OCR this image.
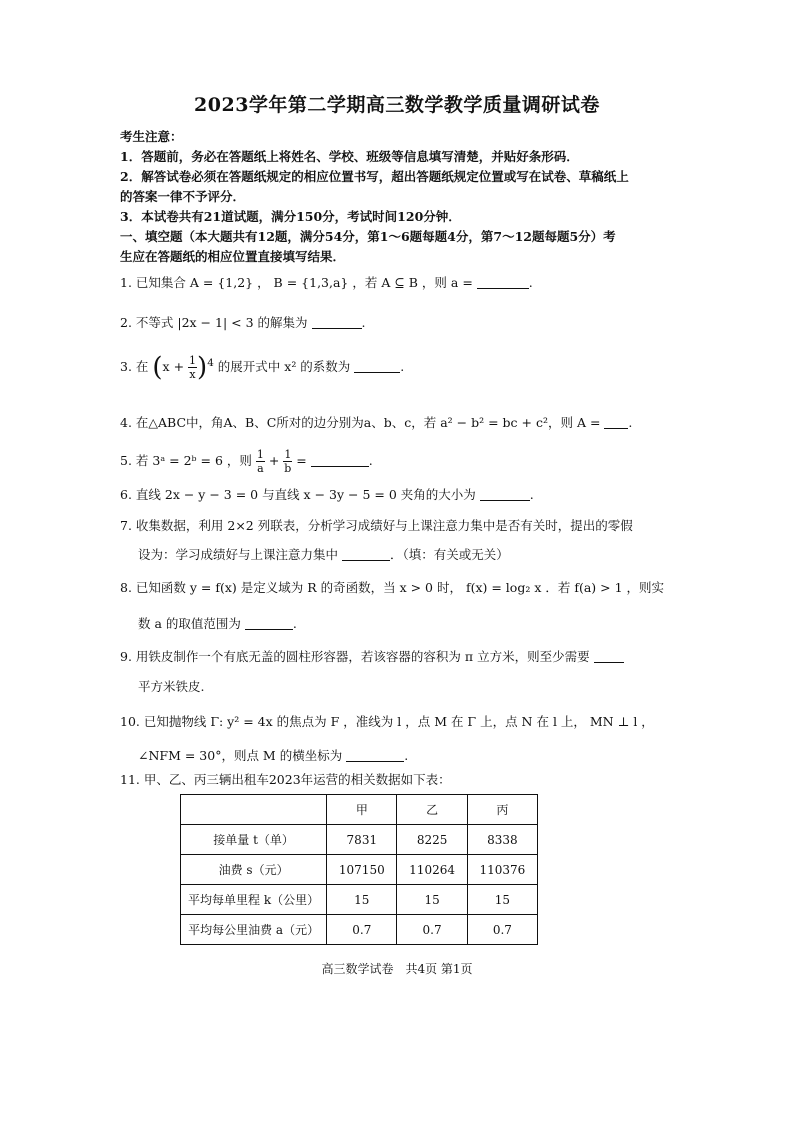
2023学年第二学期高三数学教学质量调研试卷
考生注意：
1．答题前，务必在答题纸上将姓名、学校、班级等信息填写清楚，并贴好条形码．
2．解答试卷必须在答题纸规定的相应位置书写，超出答题纸规定位置或写在试卷、草稿纸上
的答案一律不予评分．
3．本试卷共有21道试题，满分150分，考试时间120分钟．
一、填空题（本大题共有12题，满分54分，第1～6题每题4分，第7～12题每题5分）考
生应在答题纸的相应位置直接填写结果．
1. 已知集合 A = {1,2} ， B = {1,3,a} ，若 A ⊆ B ，则 a =	.
2. 不等式 |2x − 1| < 3 的解集为	.
3. 在 $(x + \frac{1}{x} )^4$ 的展开式中 x² 的系数为	.
4. 在△ABC中，角A、B、C所对的边分别为a、b、c，若 a² − b² = bc + c²，则 A = .
5. 若 3ᵃ = 2ᵇ = 6 ，则 $\frac{1}{a} + \frac{1}{b}$ =	.
6. 直线 2x − y − 3 = 0 与直线 x − 3y − 5 = 0 夹角的大小为	.
7. 收集数据，利用 2×2 列联表，分析学习成绩好与上课注意力集中是否有关时，提出的零假
设为：学习成绩好与上课注意力集中	．（填：有关或无关）
8. 已知函数 y = f(x) 是定义域为 R 的奇函数，当 x > 0 时， f(x) = log₂ x ．若 f(a) > 1 ，则实
数 a 的取值范围为	.
9. 用铁皮制作一个有底无盖的圆柱形容器，若该容器的容积为 π 立方米，则至少需要
平方米铁皮.
10. 已知抛物线 Γ: y² = 4x 的焦点为 F ，准线为 l ，点 M 在 Γ 上，点 N 在 l 上， MN ⊥ l ，
∠NFM = 30°，则点 M 的横坐标为	.
11. 甲、乙、丙三辆出租车2023年运营的相关数据如下表：
	甲	乙	丙
接单量 t（单）	7831	8225	8338
油费 s（元）	107150	110264	110376
平均每单里程 k（公里）	15	15	15
平均每公里油费 a（元）	0.7	0.7	0.7
高三数学试卷　共4页 第1页
